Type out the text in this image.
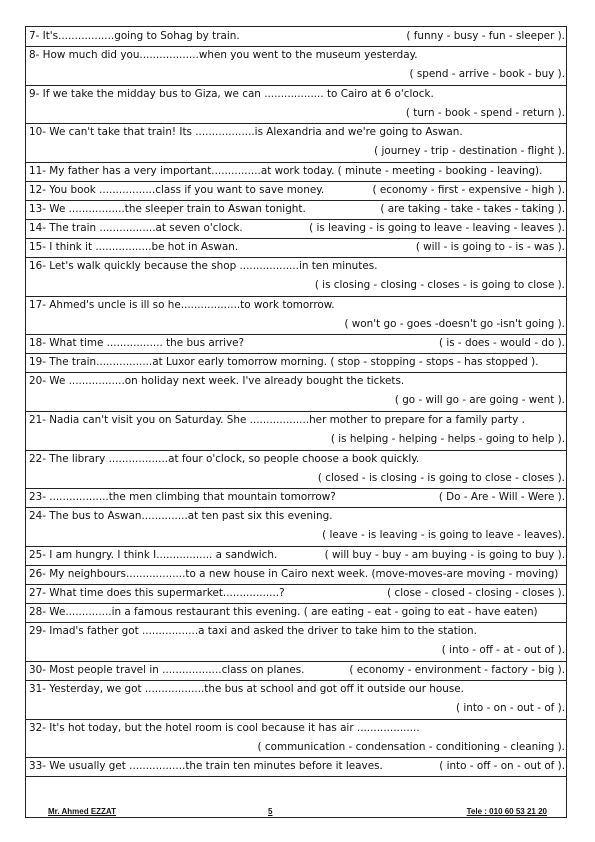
7- It's.................going to Sohag by train.	( funny - busy - fun - sleeper ).
8- How much did you..................when you went to the museum yesterday.
( spend - arrive - book - buy ).
9- If we take the midday bus to Giza, we can .................. to Cairo at 6 o'clock.
( turn - book - spend - return ).
10- We can't take that train! Its ..................is Alexandria and we're going to Aswan.
( journey - trip - destination - flight ).
11- My father has a very important...............at work today. ( minute - meeting - booking - leaving).
12- You book .................class if you want to save money.	( economy - first - expensive - high ).
13- We .................the sleeper train to Aswan tonight.	( are taking - take - takes - taking ).
14- The train .................at seven o'clock.	( is leaving - is going to leave - leaving - leaves ).
15- I think it .................be hot in Aswan.	( will - is going to - is - was ).
16- Let's walk quickly because the shop ..................in ten minutes.
( is closing - closing - closes - is going to close ).
17- Ahmed's uncle is ill so he..................to work tomorrow.
( won't go - goes -doesn't go -isn't going ).
18- What time ................. the bus arrive?	( is - does - would - do ).
19- The train.................at Luxor early tomorrow morning. ( stop - stopping - stops - has stopped ).
20- We .................on holiday next week. I've already bought the tickets.
( go - will go - are going - went ).
21- Nadia can't visit you on Saturday. She ..................her mother to prepare for a family party .
( is helping - helping - helps - going to help ).
22- The library ..................at four o'clock, so people choose a book quickly.
( closed - is closing - is going to close - closes ).
23- ..................the men climbing that mountain tomorrow?	( Do - Are - Will - Were ).
24- The bus to Aswan..............at ten past six this evening.
( leave - is leaving - is going to leave - leaves).
25- I am hungry. I think I................. a sandwich.	( will buy - buy - am buying - is going to buy ).
26- My neighbours..................to a new house in Cairo next week. (move-moves-are moving - moving)
27- What time does this supermarket.................?	( close - closed - closing - closes ).
28- We..............in a famous restaurant this evening. ( are eating - eat - going to eat - have eaten)
29- Imad's father got .................a taxi and asked the driver to take him to the station.
( into - off - at - out of ).
30- Most people travel in ..................class on planes.	( economy - environment - factory - big ).
31- Yesterday, we got ..................the bus at school and got off it outside our house.
( into - on - out - of ).
32- It's hot today, but the hotel room is cool because it has air ...................
( communication - condensation - conditioning - cleaning ).
33- We usually get .................the train ten minutes before it leaves.	( into - off - on - out of ).
Mr. Ahmed EZZAT	5	Tele : 010 60 53 21 20
